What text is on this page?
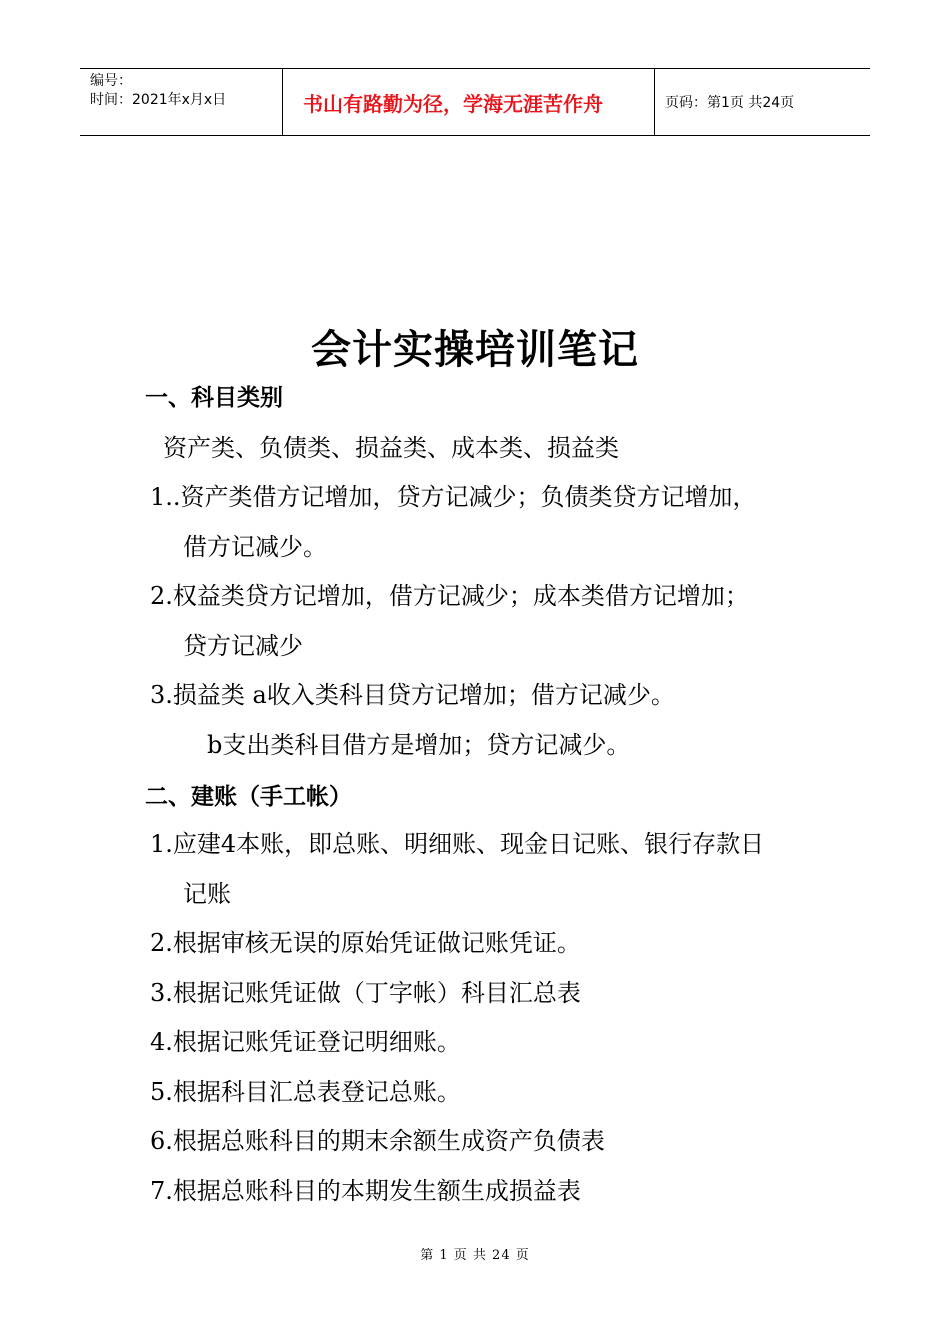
编号：
时间：2021年x月x日	书山有路勤为径，学海无涯苦作舟	页码：第1页 共24页
会计实操培训笔记
一、科目类别
资产类、负债类、损益类、成本类、损益类
1..资产类借方记增加，贷方记减少；负债类贷方记增加，
借方记减少。
2.权益类贷方记增加，借方记减少；成本类借方记增加；
贷方记减少
3.损益类 a收入类科目贷方记增加；借方记减少。
b支出类科目借方是增加；贷方记减少。
二、建账（手工帐）
1.应建4本账，即总账、明细账、现金日记账、银行存款日
记账
2.根据审核无误的原始凭证做记账凭证。
3.根据记账凭证做（丁字帐）科目汇总表
4.根据记账凭证登记明细账。
5.根据科目汇总表登记总账。
6.根据总账科目的期末余额生成资产负债表
7.根据总账科目的本期发生额生成损益表
第 1 页 共 24 页
